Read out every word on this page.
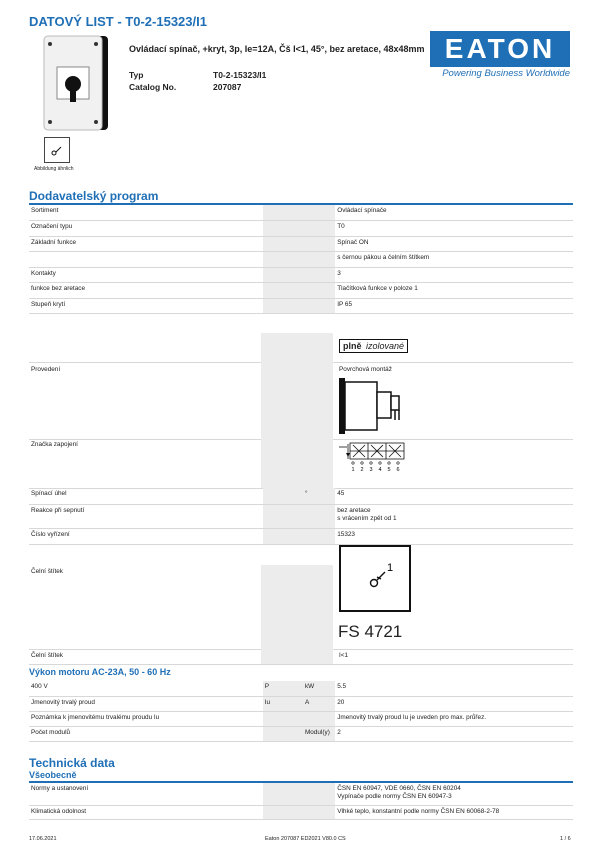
DATOVÝ LIST - T0-2-15323/I1
Abbildung ähnlich
Ovládací spínač, +kryt, 3p, Ie=12A, Čš I<1, 45°, bez aretace, 48x48mm
Typ	T0-2-15323/I1
Catalog No.	207087
EATON
Powering Business Worldwide
Dodavatelský program
Sortiment			Ovládací spínače
Označení typu			T0
Základní funkce			Spínač ON
			s černou pákou a čelním štítkem
Kontakty			3
funkce bez aretace			Tlačítková funkce v poloze 1
Stupeň krytí			IP 65
plně izolované
Provedení	Povrchová montáž
Značka zapojení
1 2 3 4 5 6
Spínací úhel		°	45
Reakce při sepnutí			bez aretace
s vrácením zpět od 1
Číslo vyřízení			15323
Čelní štítek	1
FS 4721
Čelní štítek	I<1
Výkon motoru AC-23A, 50 - 60 Hz
400 V	P	kW	5.5
Jmenovitý trvalý proud	Iu	A	20
Poznámka k jmenovitému trvalému proudu Iu			Jmenovitý trvalý proud Iu je uveden pro max. průřez.
Počet modulů		Modul(y)	2
Technická data
Všeobecně
Normy a ustanovení			ČSN EN 60947, VDE 0660, ČSN EN 60204
Vypínače podle normy ČSN EN 60947-3
Klimatická odolnost			Vlhké teplo, konstantní podle normy ČSN EN 60068-2-78
17.06.2021	Eaton 207087 ED2021 V80.0 CS	1 / 6
